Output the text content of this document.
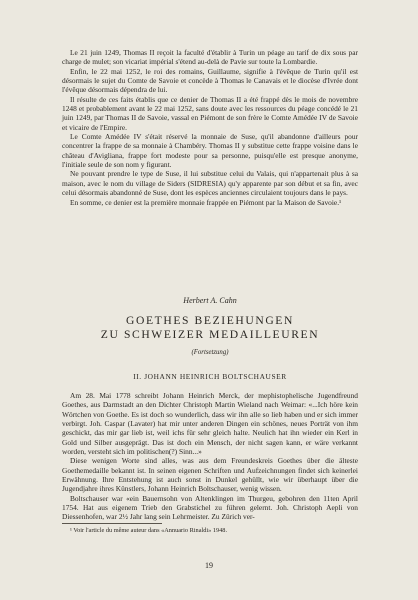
Le 21 juin 1249, Thomas II reçoit la faculté d'établir à Turin un péage au tarif de dix sous par charge de mulet; son vicariat impérial s'étend au-delà de Pavie sur toute la Lombardie.

Enfin, le 22 mai 1252, le roi des romains, Guillaume, signifie à l'évêque de Turin qu'il est désormais le sujet du Comte de Savoie et concède à Thomas le Canavais et le diocèse d'Ivrée dont l'évêque désormais dépendra de lui.

Il résulte de ces faits établis que ce denier de Thomas II a été frappé dès le mois de novembre 1248 et probablement avant le 22 mai 1252, sans doute avec les ressources du péage concédé le 21 juin 1249, par Thomas II de Savoie, vassal en Piémont de son frère le Comte Amédée IV de Savoie et vicaire de l'Empire.

Le Comte Amédée IV s'était réservé la monnaie de Suse, qu'il abandonne d'ailleurs pour concentrer la frappe de sa monnaie à Chambéry. Thomas II y substitue cette frappe voisine dans le château d'Avigliana, frappe fort modeste pour sa personne, puisqu'elle est presque anonyme, l'initiale seule de son nom y figurant.

Ne pouvant prendre le type de Suse, il lui substitue celui du Valais, qui n'appartenait plus à sa maison, avec le nom du village de Siders (SIDRESIA) qu'y apparente par son début et sa fin, avec celui désormais abandonné de Suse, dont les espèces anciennes circulaient toujours dans le pays.

En somme, ce denier est la première monnaie frappée en Piémont par la Maison de Savoie.¹

Herbert A. Cahn

GOETHES BEZIEHUNGEN

ZU SCHWEIZER MEDAILLEUREN

(Fortsetzung)

II. JOHANN HEINRICH BOLTSCHAUSER

Am 28. Mai 1778 schreibt Johann Heinrich Merck, der mephistophelische Jugendfreund Goethes, aus Darmstadt an den Dichter Christoph Martin Wieland nach Weimar: «...Ich höre kein Wörtchen von Goethe. Es ist doch so wunderlich, dass wir ihn alle so lieb haben und er sich immer verbirgt. Joh. Caspar (Lavater) hat mir unter anderen Dingen ein schönes, neues Porträt von ihm geschickt, das mir gar lieb ist, weil ichs für sehr gleich halte. Neulich hat ihn wieder ein Kerl in Gold und Silber ausgeprägt. Das ist doch ein Mensch, der nicht sagen kann, er wäre verkannt worden, versteht sich im politischen(?) Sinn...»

Diese wenigen Worte sind alles, was aus dem Freundeskreis Goethes über die älteste Goethemedaille bekannt ist. In seinen eigenen Schriften und Aufzeichnungen findet sich keinerlei Erwähnung. Ihre Entstehung ist auch sonst in Dunkel gehüllt, wie wir überhaupt über die Jugendjahre ihres Künstlers, Johann Heinrich Boltschauser, wenig wissen.

Boltschauser war «ein Bauernsohn von Altenklingen im Thurgeu, gebohren den 11ten April 1754. Hat aus eigenem Trieb den Grabstichel zu führen gelernt. Joh. Christoph Aepli von Diessenhofen, war 2½ Jahr lang sein Lehrmeister. Zu Zürich ver-

¹ Voir l'article du même auteur dans «Annuario Rinaldi» 1948.

19
